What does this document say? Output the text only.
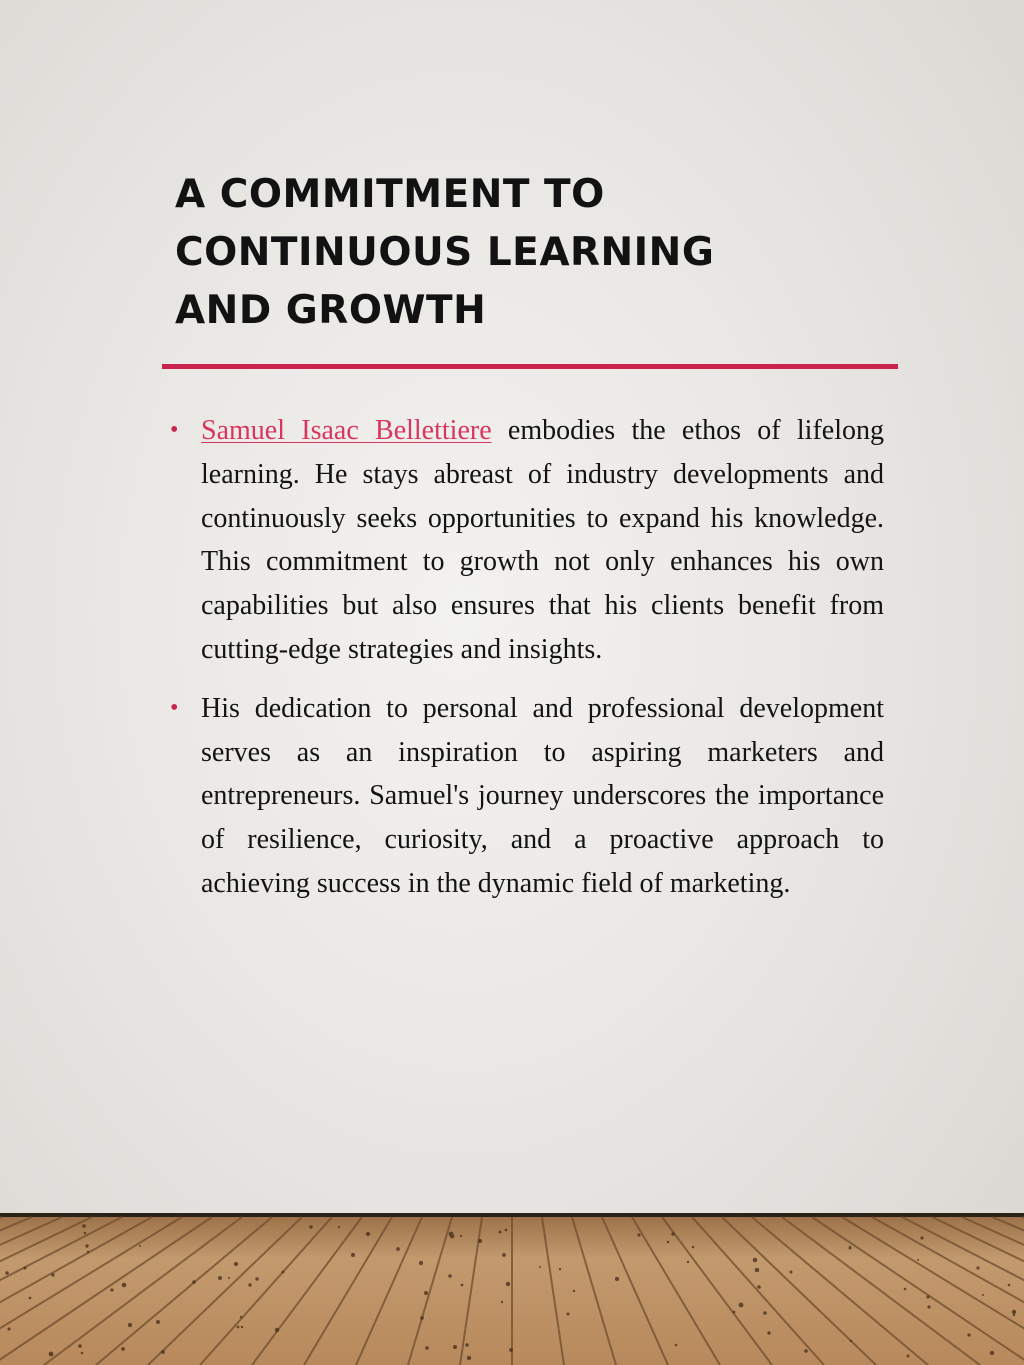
A COMMITMENT TO
CONTINUOUS LEARNING
AND GROWTH
• Samuel Isaac Bellettiere embodies the ethos of lifelong learning. He stays abreast of industry developments and continuously seeks opportunities to expand his knowledge. This commitment to growth not only enhances his own capabilities but also ensures that his clients benefit from cutting-edge strategies and insights.
• His dedication to personal and professional development serves as an inspiration to aspiring marketers and entrepreneurs. Samuel's journey underscores the importance of resilience, curiosity, and a proactive approach to achieving success in the dynamic field of marketing.
